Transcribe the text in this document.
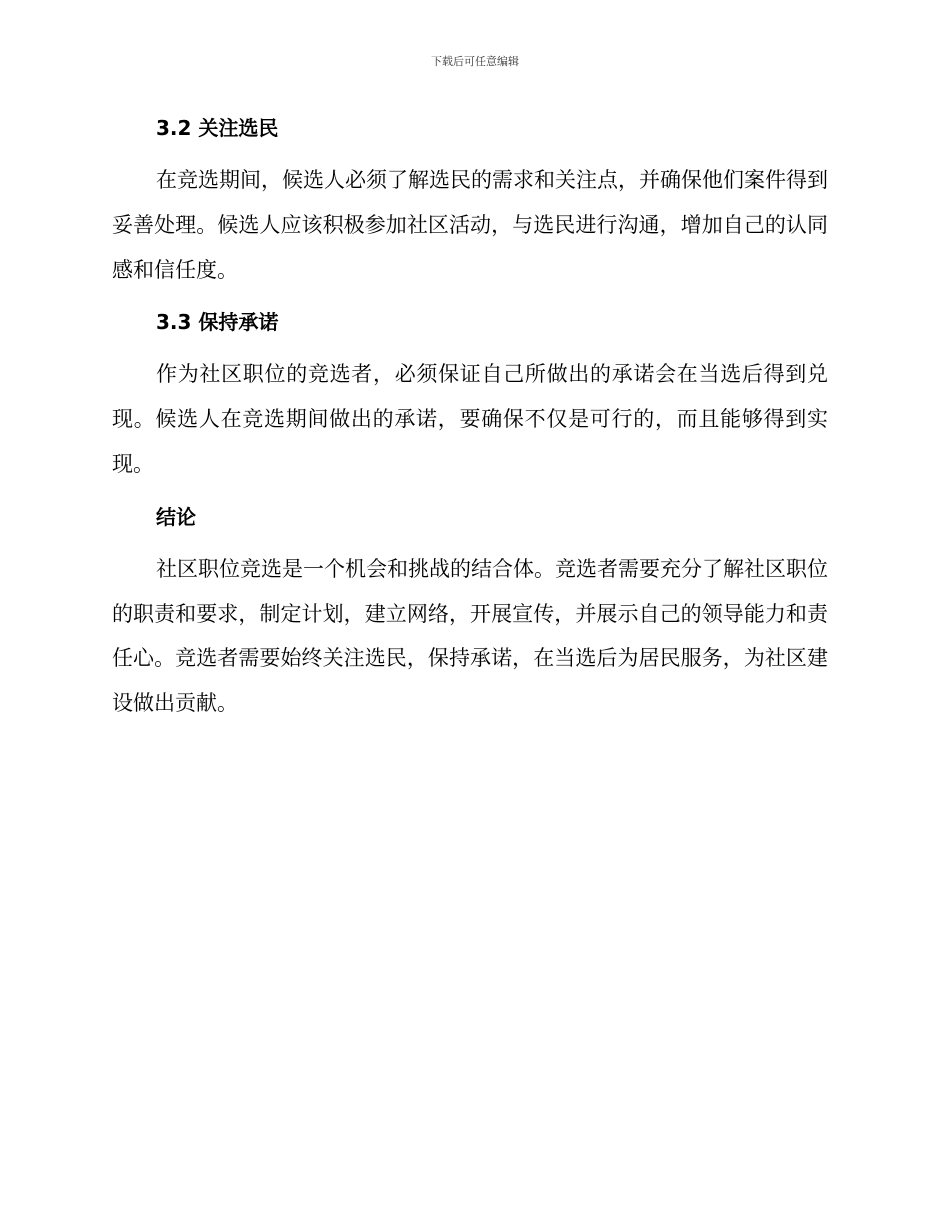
下载后可任意编辑
3.2 关注选民

在竞选期间，候选人必须了解选民的需求和关注点，并确保他们案件得到妥善处理。候选人应该积极参加社区活动，与选民进行沟通，增加自己的认同感和信任度。

3.3 保持承诺

作为社区职位的竞选者，必须保证自己所做出的承诺会在当选后得到兑现。候选人在竞选期间做出的承诺，要确保不仅是可行的，而且能够得到实现。

结论

社区职位竞选是一个机会和挑战的结合体。竞选者需要充分了解社区职位的职责和要求，制定计划，建立网络，开展宣传，并展示自己的领导能力和责任心。竞选者需要始终关注选民，保持承诺，在当选后为居民服务，为社区建设做出贡献。
